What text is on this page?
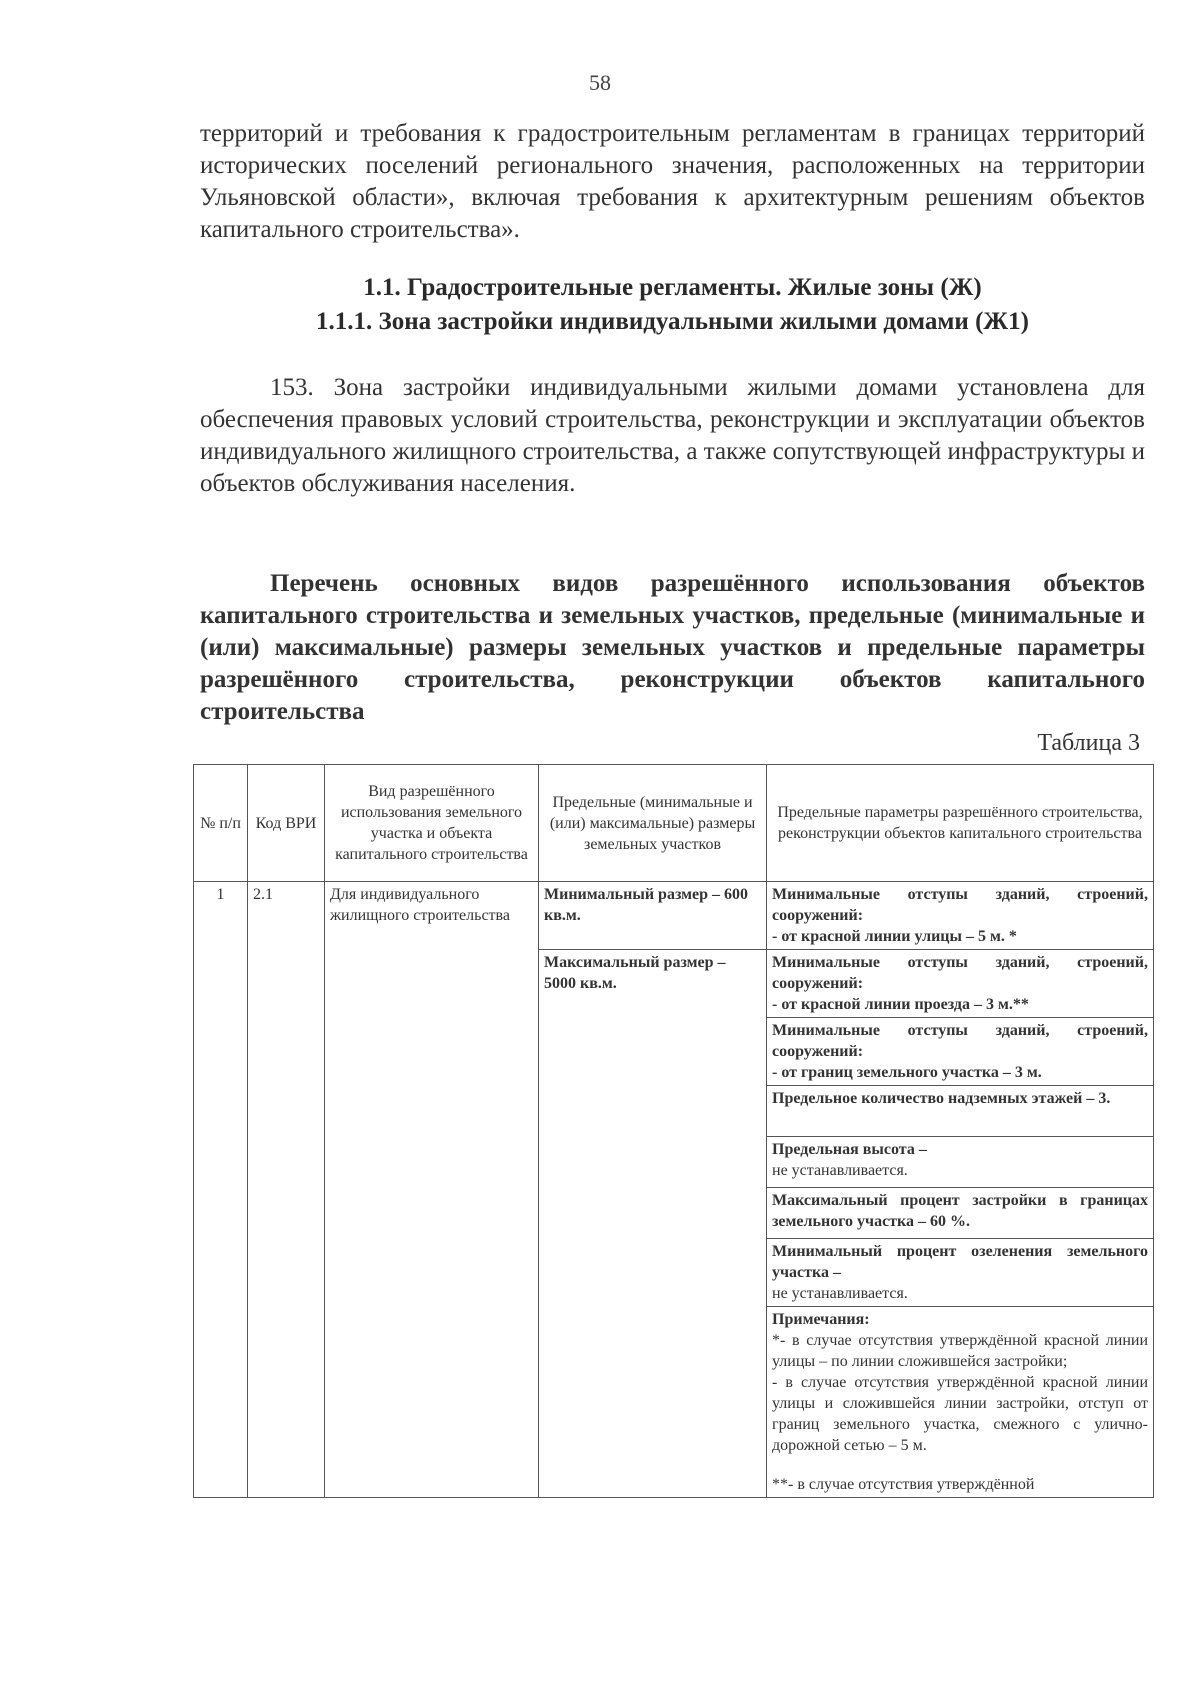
58

территорий и требования к градостроительным регламентам в границах территорий исторических поселений регионального значения, расположенных на территории Ульяновской области», включая требования к архитектурным решениям объектов капитального строительства».

1.1. Градостроительные регламенты. Жилые зоны (Ж)
1.1.1. Зона застройки индивидуальными жилыми домами (Ж1)

153. Зона застройки индивидуальными жилыми домами установлена для обеспечения правовых условий строительства, реконструкции и эксплуатации объектов индивидуального жилищного строительства, а также сопутствующей инфраструктуры и объектов обслуживания населения.

Перечень основных видов разрешённого использования объектов капитального строительства и земельных участков, предельные (минимальные и (или) максимальные) размеры земельных участков и предельные параметры разрешённого строительства, реконструкции объектов капитального строительства

Таблица 3
№ п/п	Код ВРИ	Вид разрешённого использования земельного участка и объекта капитального строительства	Предельные (минимальные и (или) максимальные) размеры земельных участков	Предельные параметры разрешённого строительства, реконструкции объектов капитального строительства
1	2.1	Для индивидуального жилищного строительства	Минимальный размер – 600 кв.м.	Минимальные отступы зданий, строений, сооружений:
- от красной линии улицы – 5 м. *

			Максимальный размер – 5000 кв.м.	Минимальные отступы зданий, строений, сооружений:
- от красной линии проезда – 3 м.**

				Минимальные отступы зданий, строений, сооружений:
- от границ земельного участка – 3 м.

				Предельное количество надземных этажей – 3.

				Предельная высота –
не устанавливается.

				Максимальный процент застройки в границах земельного участка – 60 %.

				Минимальный процент озеленения земельного участка –
не устанавливается.

				Примечания:
*- в случае отсутствия утверждённой красной линии улицы – по линии сложившейся застройки;
- в случае отсутствия утверждённой красной линии улицы и сложившейся линии застройки, отступ от границ земельного участка, смежного с улично-дорожной сетью – 5 м.
**- в случае отсутствия утверждённой
